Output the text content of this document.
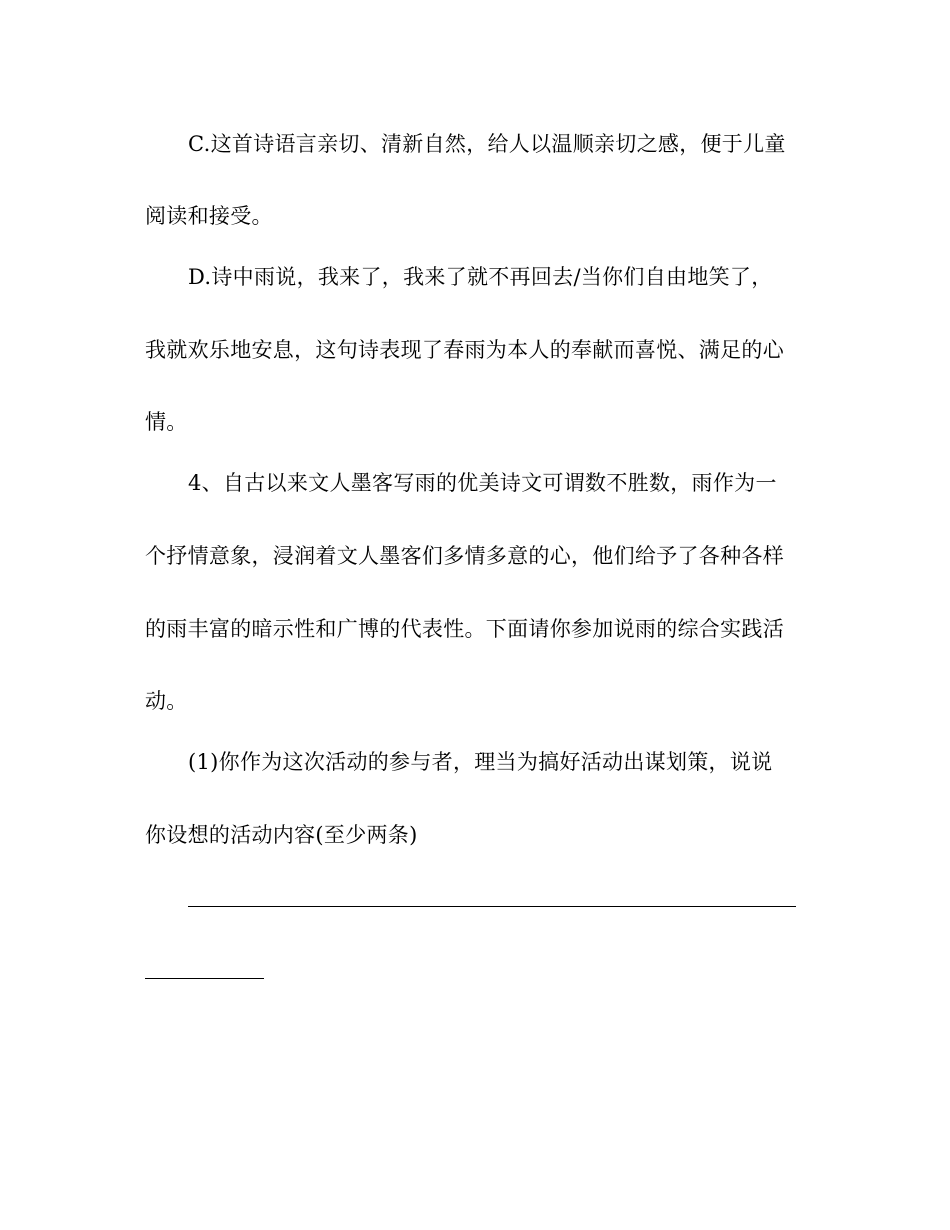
C.这首诗语言亲切、清新自然，给人以温顺亲切之感，便于儿童
阅读和接受。
D.诗中雨说，我来了，我来了就不再回去/当你们自由地笑了，
我就欢乐地安息，这句诗表现了春雨为本人的奉献而喜悦、满足的心
情。
4、自古以来文人墨客写雨的优美诗文可谓数不胜数，雨作为一
个抒情意象，浸润着文人墨客们多情多意的心，他们给予了各种各样
的雨丰富的暗示性和广博的代表性。下面请你参加说雨的综合实践活
动。
(1)你作为这次活动的参与者，理当为搞好活动出谋划策，说说
你设想的活动内容(至少两条)
